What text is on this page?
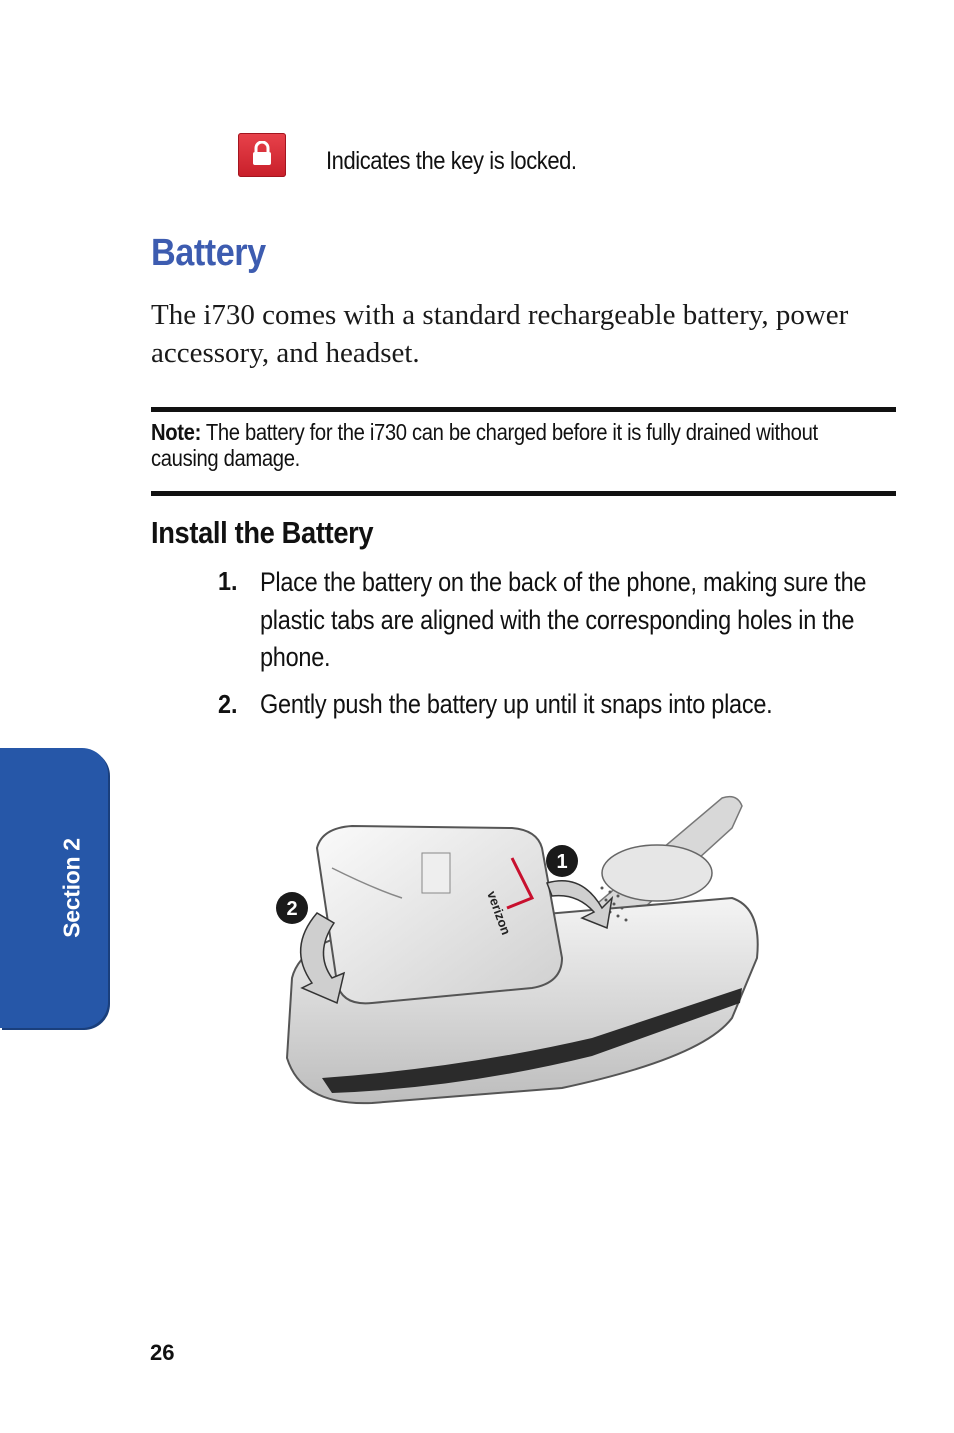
Indicates the key is locked.
Battery
The i730 comes with a standard rechargeable battery, power accessory, and headset.
Note: The battery for the i730 can be charged before it is fully drained without causing damage.
Install the Battery
1. Place the battery on the back of the phone, making sure the plastic tabs are aligned with the corresponding holes in the phone.
2. Gently push the battery up until it snaps into place.
Section 2	verizon
1
2
26
